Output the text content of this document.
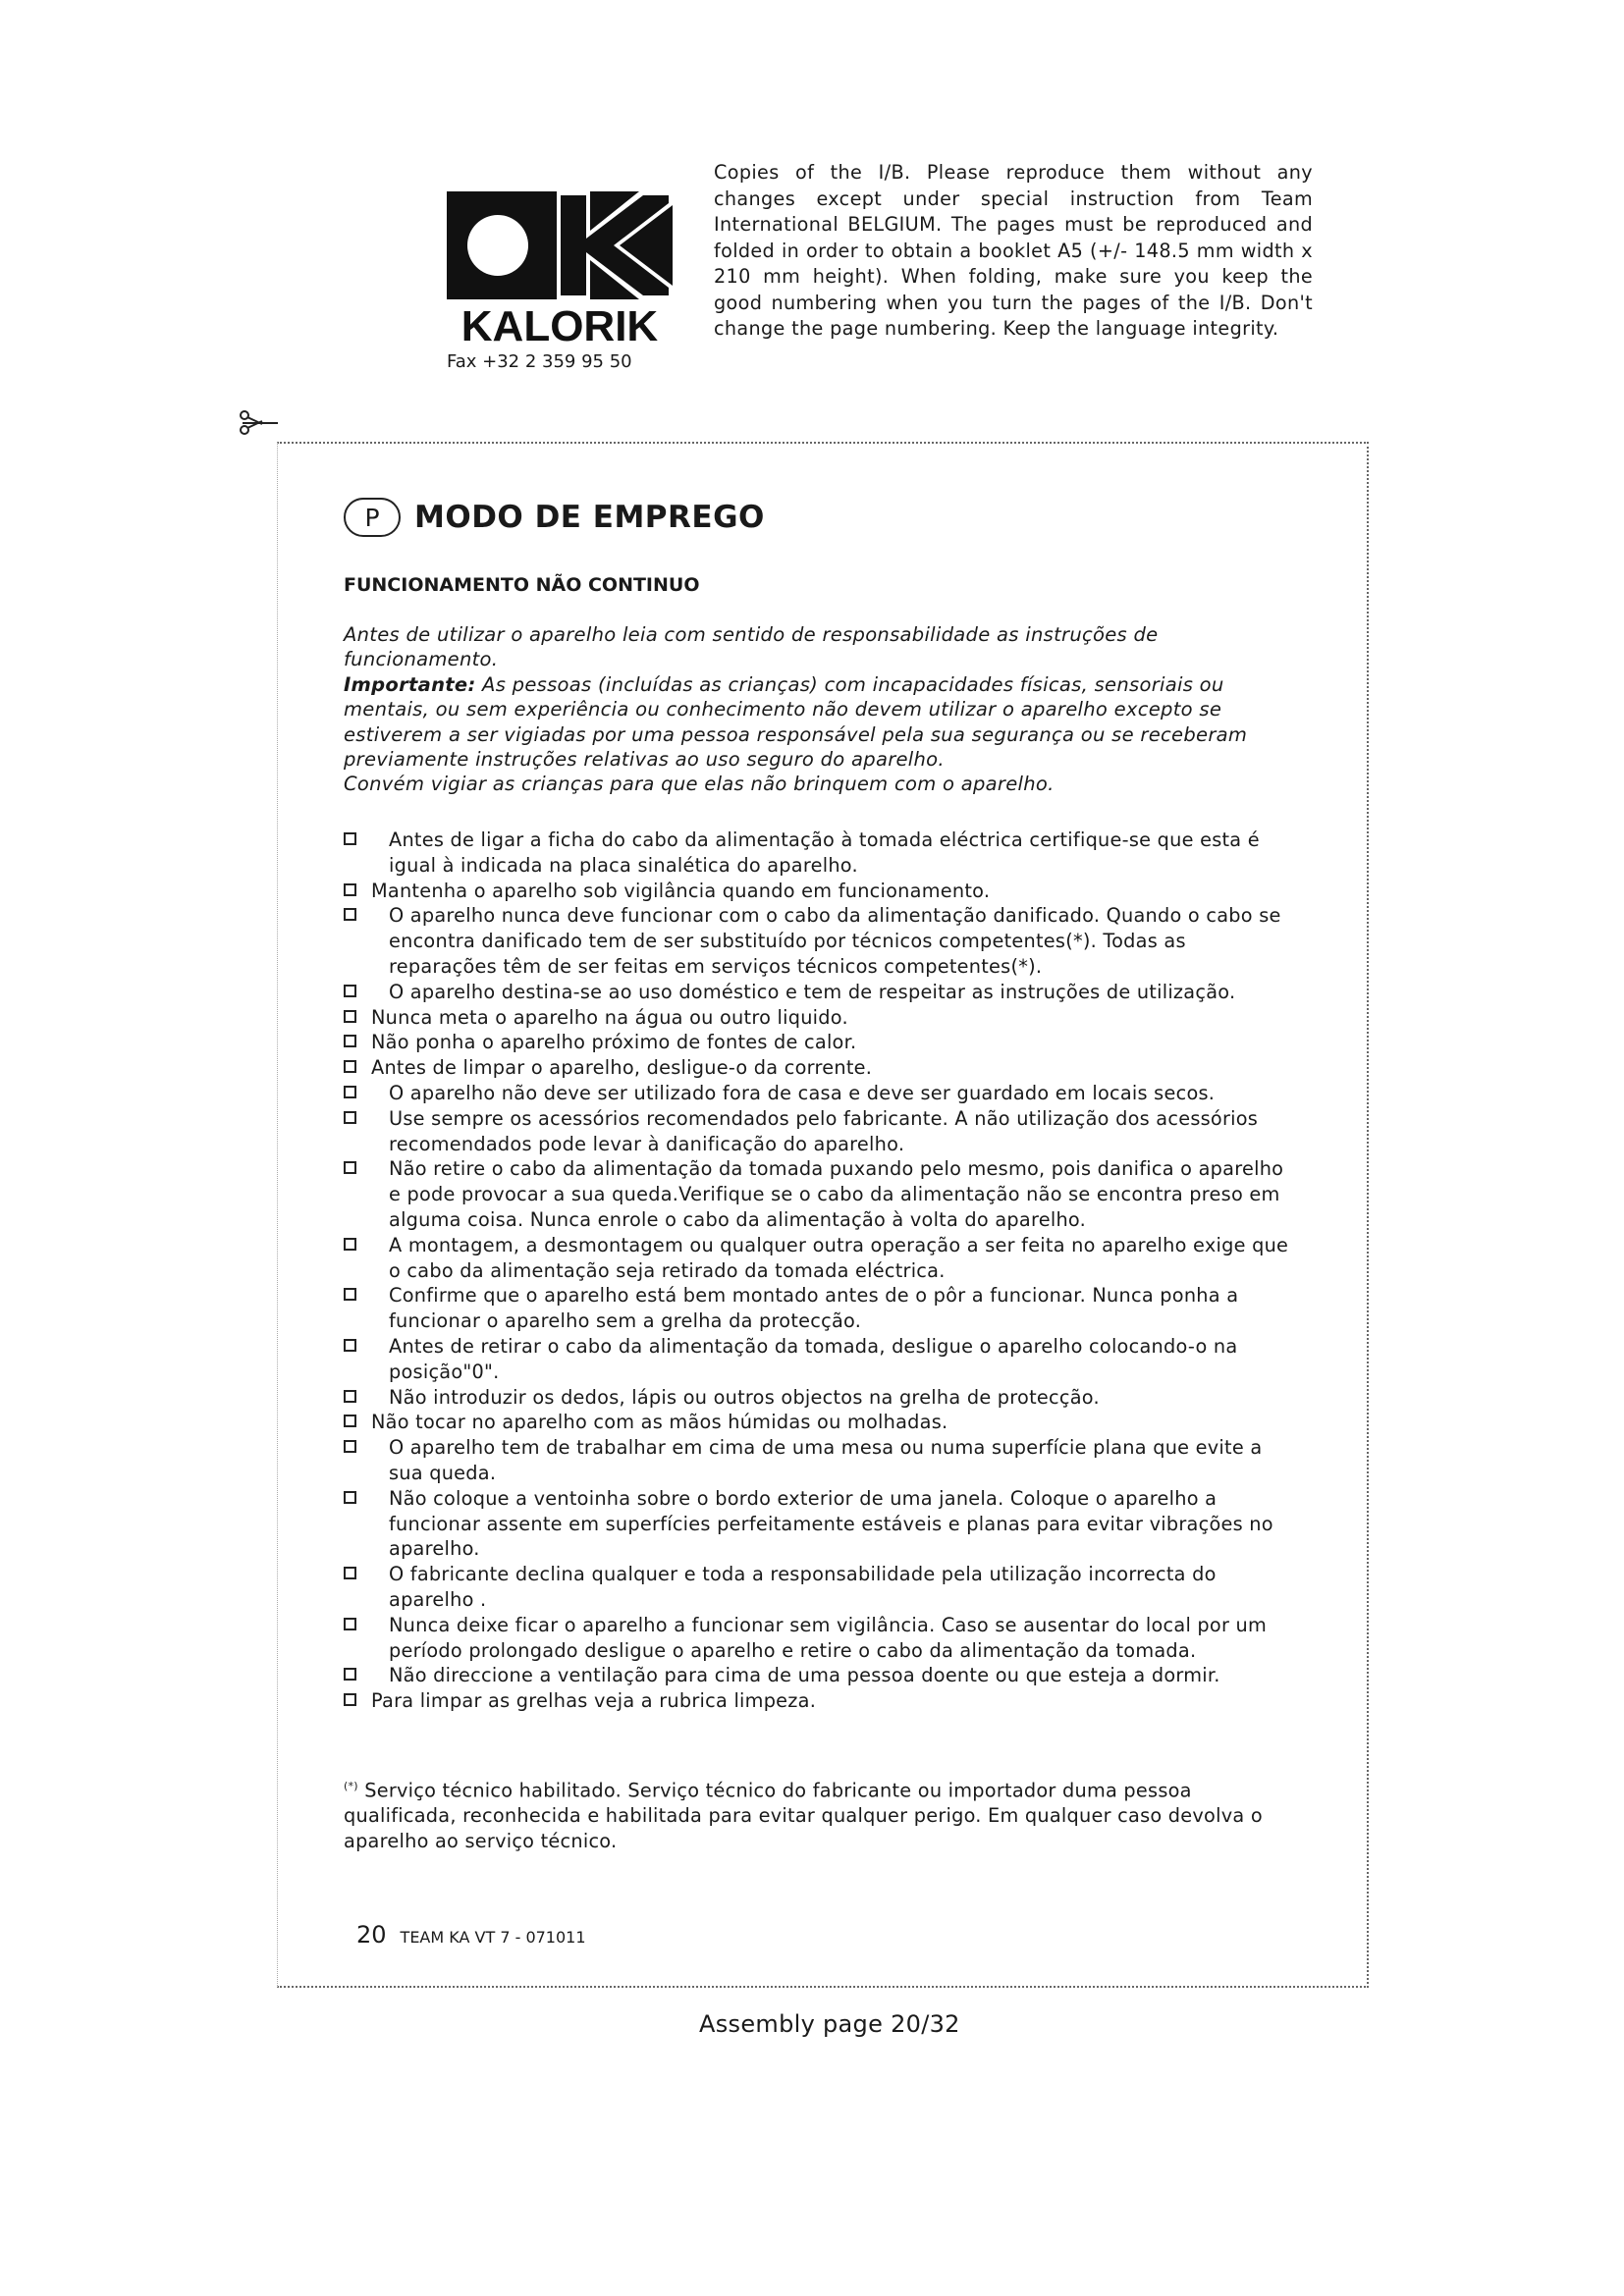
KALORIK
Fax +32 2 359 95 50
Copies of the I/B. Please reproduce them without any changes except under special instruction from Team International BELGIUM. The pages must be reproduced and folded in order to obtain a booklet A5 (+/- 148.5 mm width x 210 mm height). When folding, make sure you keep the good numbering when you turn the pages of the I/B. Don't change the page numbering. Keep the language integrity.
P	MODO DE EMPREGO
FUNCIONAMENTO NÃO CONTINUO

Antes de utilizar o aparelho leia com sentido de responsabilidade as instruções de funcionamento.

Importante: As pessoas (incluídas as crianças) com incapacidades físicas, sensoriais ou mentais, ou sem experiência ou conhecimento não devem utilizar o aparelho excepto se estiverem a ser vigiadas por uma pessoa responsável pela sua segurança ou se receberam previamente instruções relativas ao uso seguro do aparelho.

Convém vigiar as crianças para que elas não brinquem com o aparelho.

Antes de ligar a ficha do cabo da alimentação à tomada eléctrica certifique-se que esta é igual à indicada na placa sinalética do aparelho.
Mantenha o aparelho sob vigilância quando em funcionamento.
O aparelho nunca deve funcionar com o cabo da alimentação danificado. Quando o cabo se encontra danificado tem de ser substituído por técnicos competentes(*). Todas as reparações têm de ser feitas em serviços técnicos competentes(*).
O aparelho destina-se ao uso doméstico e tem de respeitar as instruções de utilização.
Nunca meta o aparelho na água ou outro liquido.
Não ponha o aparelho próximo de fontes de calor.
Antes de limpar o aparelho, desligue-o da corrente.
O aparelho não deve ser utilizado fora de casa e deve ser guardado em locais secos.
Use sempre os acessórios recomendados pelo fabricante. A não utilização dos acessórios recomendados pode levar à danificação do aparelho.
Não retire o cabo da alimentação da tomada puxando pelo mesmo, pois danifica o aparelho e pode provocar a sua queda.Verifique se o cabo da alimentação não se encontra preso em alguma coisa. Nunca enrole o cabo da alimentação à volta do aparelho.
A montagem, a desmontagem ou qualquer outra operação a ser feita no aparelho exige que o cabo da alimentação seja retirado da tomada eléctrica.
Confirme que o aparelho está bem montado antes de o pôr a funcionar. Nunca ponha a funcionar o aparelho sem a grelha da protecção.
Antes de retirar o cabo da alimentação da tomada, desligue o aparelho colocando-o na posição"0".
Não introduzir os dedos, lápis ou outros objectos na grelha de protecção.
Não tocar no aparelho com as mãos húmidas ou molhadas.
O aparelho tem de trabalhar em cima de uma mesa ou numa superfície plana que evite a sua queda.
Não coloque a ventoinha sobre o bordo exterior de uma janela. Coloque o aparelho a funcionar assente em superfícies perfeitamente estáveis e planas para evitar vibrações no aparelho.
O fabricante declina qualquer e toda a responsabilidade pela utilização incorrecta do aparelho .
Nunca deixe ficar o aparelho a funcionar sem vigilância. Caso se ausentar do local por um período prolongado desligue o aparelho e retire o cabo da alimentação da tomada.
Não direccione a ventilação para cima de uma pessoa doente ou que esteja a dormir.
Para limpar as grelhas veja a rubrica limpeza.
(*) Serviço técnico habilitado. Serviço técnico do fabricante ou importador duma pessoa qualificada, reconhecida e habilitada para evitar qualquer perigo. Em qualquer caso devolva o aparelho ao serviço técnico.
20 TEAM KA VT 7 - 071011
Assembly page 20/32
